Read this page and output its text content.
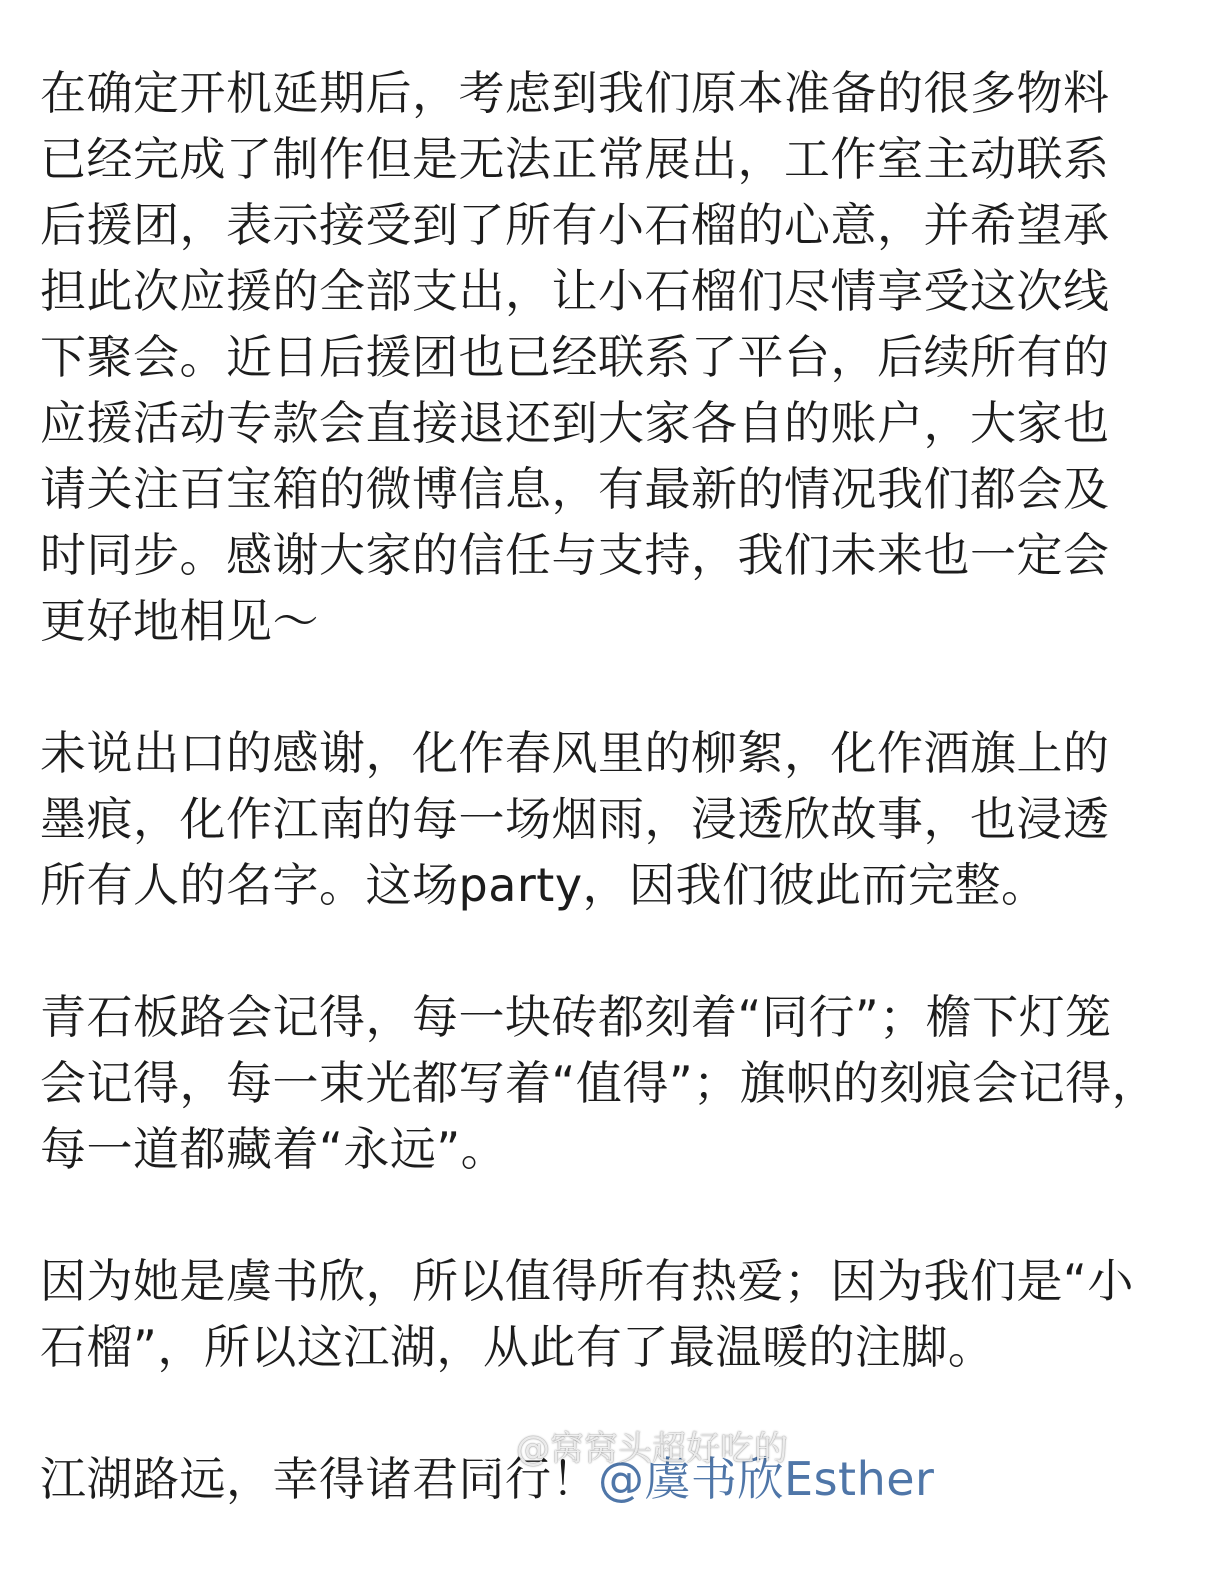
在确定开机延期后，考虑到我们原本准备的很多物料
已经完成了制作但是无法正常展出，工作室主动联系
后援团，表示接受到了所有小石榴的心意，并希望承
担此次应援的全部支出，让小石榴们尽情享受这次线
下聚会。近日后援团也已经联系了平台，后续所有的
应援活动专款会直接退还到大家各自的账户，大家也
请关注百宝箱的微博信息，有最新的情况我们都会及
时同步。感谢大家的信任与支持，我们未来也一定会
更好地相见～

未说出口的感谢，化作春风里的柳絮，化作酒旗上的
墨痕，化作江南的每一场烟雨，浸透欣故事，也浸透
所有人的名字。这场party，因我们彼此而完整。

青石板路会记得，每一块砖都刻着“同行”；檐下灯笼
会记得，每一束光都写着“值得”；旗帜的刻痕会记得，
每一道都藏着“永远”。

因为她是虞书欣，所以值得所有热爱；因为我们是“小
石榴”，所以这江湖，从此有了最温暖的注脚。

江湖路远，幸得诸君同行！@虞书欣Esther

@窝窝头超好吃的
